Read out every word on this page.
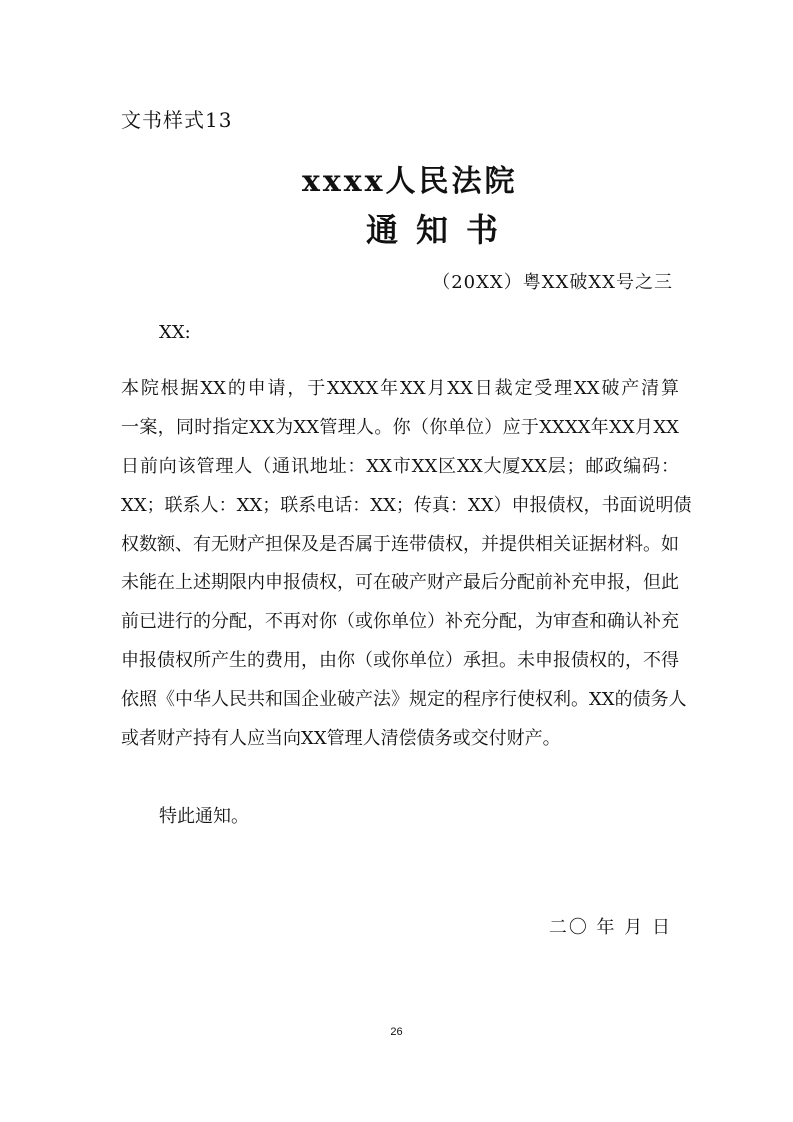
文书样式13
xxxx人民法院
通知书
（20XX）粤XX破XX号之三
XX:
本院根据XX的申请，于XXXX年XX月XX日裁定受理XX破产清算
一案，同时指定XX为XX管理人。你（你单位）应于XXXX年XX月XX
日前向该管理人（通讯地址：XX市XX区XX大厦XX层；邮政编码：
XX；联系人：XX；联系电话：XX；传真：XX）申报债权，书面说明债
权数额、有无财产担保及是否属于连带债权，并提供相关证据材料。如
未能在上述期限内申报债权，可在破产财产最后分配前补充申报，但此
前已进行的分配，不再对你（或你单位）补充分配，为审查和确认补充
申报债权所产生的费用，由你（或你单位）承担。未申报债权的，不得
依照《中华人民共和国企业破产法》规定的程序行使权利。XX的债务人
或者财产持有人应当向XX管理人清偿债务或交付财产。
特此通知。
二〇 年 月 日
26
